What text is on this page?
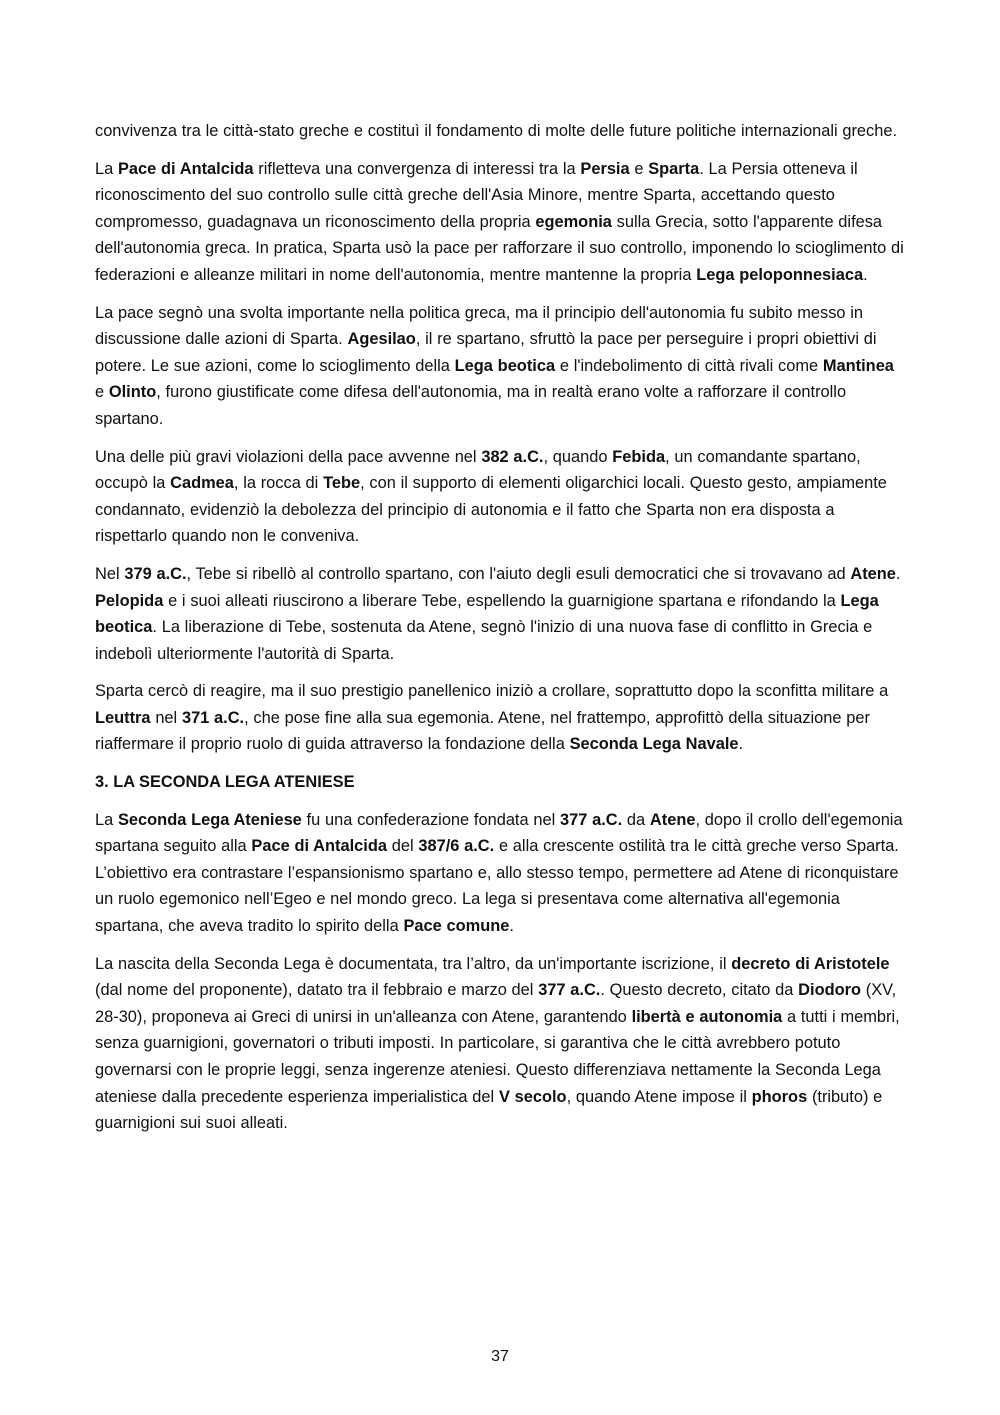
convivenza tra le città-stato greche e costituì il fondamento di molte delle future politiche internazionali greche.

La Pace di Antalcida rifletteva una convergenza di interessi tra la Persia e Sparta. La Persia otteneva il riconoscimento del suo controllo sulle città greche dell'Asia Minore, mentre Sparta, accettando questo compromesso, guadagnava un riconoscimento della propria egemonia sulla Grecia, sotto l'apparente difesa dell'autonomia greca. In pratica, Sparta usò la pace per rafforzare il suo controllo, imponendo lo scioglimento di federazioni e alleanze militari in nome dell'autonomia, mentre mantenne la propria Lega peloponnesiaca.

La pace segnò una svolta importante nella politica greca, ma il principio dell'autonomia fu subito messo in discussione dalle azioni di Sparta. Agesilao, il re spartano, sfruttò la pace per perseguire i propri obiettivi di potere. Le sue azioni, come lo scioglimento della Lega beotica e l'indebolimento di città rivali come Mantinea e Olinto, furono giustificate come difesa dell'autonomia, ma in realtà erano volte a rafforzare il controllo spartano.

Una delle più gravi violazioni della pace avvenne nel 382 a.C., quando Febida, un comandante spartano, occupò la Cadmea, la rocca di Tebe, con il supporto di elementi oligarchici locali. Questo gesto, ampiamente condannato, evidenziò la debolezza del principio di autonomia e il fatto che Sparta non era disposta a rispettarlo quando non le conveniva.

Nel 379 a.C., Tebe si ribellò al controllo spartano, con l'aiuto degli esuli democratici che si trovavano ad Atene. Pelopida e i suoi alleati riuscirono a liberare Tebe, espellendo la guarnigione spartana e rifondando la Lega beotica. La liberazione di Tebe, sostenuta da Atene, segnò l'inizio di una nuova fase di conflitto in Grecia e indebolì ulteriormente l'autorità di Sparta.

Sparta cercò di reagire, ma il suo prestigio panellenico iniziò a crollare, soprattutto dopo la sconfitta militare a Leuttra nel 371 a.C., che pose fine alla sua egemonia. Atene, nel frattempo, approfittò della situazione per riaffermare il proprio ruolo di guida attraverso la fondazione della Seconda Lega Navale.

3. LA SECONDA LEGA ATENIESE

La Seconda Lega Ateniese fu una confederazione fondata nel 377 a.C. da Atene, dopo il crollo dell'egemonia spartana seguito alla Pace di Antalcida del 387/6 a.C. e alla crescente ostilità tra le città greche verso Sparta. L’obiettivo era contrastare l’espansionismo spartano e, allo stesso tempo, permettere ad Atene di riconquistare un ruolo egemonico nell’Egeo e nel mondo greco. La lega si presentava come alternativa all'egemonia spartana, che aveva tradito lo spirito della Pace comune.

La nascita della Seconda Lega è documentata, tra l’altro, da un'importante iscrizione, il decreto di Aristotele (dal nome del proponente), datato tra il febbraio e marzo del 377 a.C.. Questo decreto, citato da Diodoro (XV, 28-30), proponeva ai Greci di unirsi in un'alleanza con Atene, garantendo libertà e autonomia a tutti i membri, senza guarnigioni, governatori o tributi imposti. In particolare, si garantiva che le città avrebbero potuto governarsi con le proprie leggi, senza ingerenze ateniesi. Questo differenziava nettamente la Seconda Lega ateniese dalla precedente esperienza imperialistica del V secolo, quando Atene impose il phoros (tributo) e guarnigioni sui suoi alleati.

37
